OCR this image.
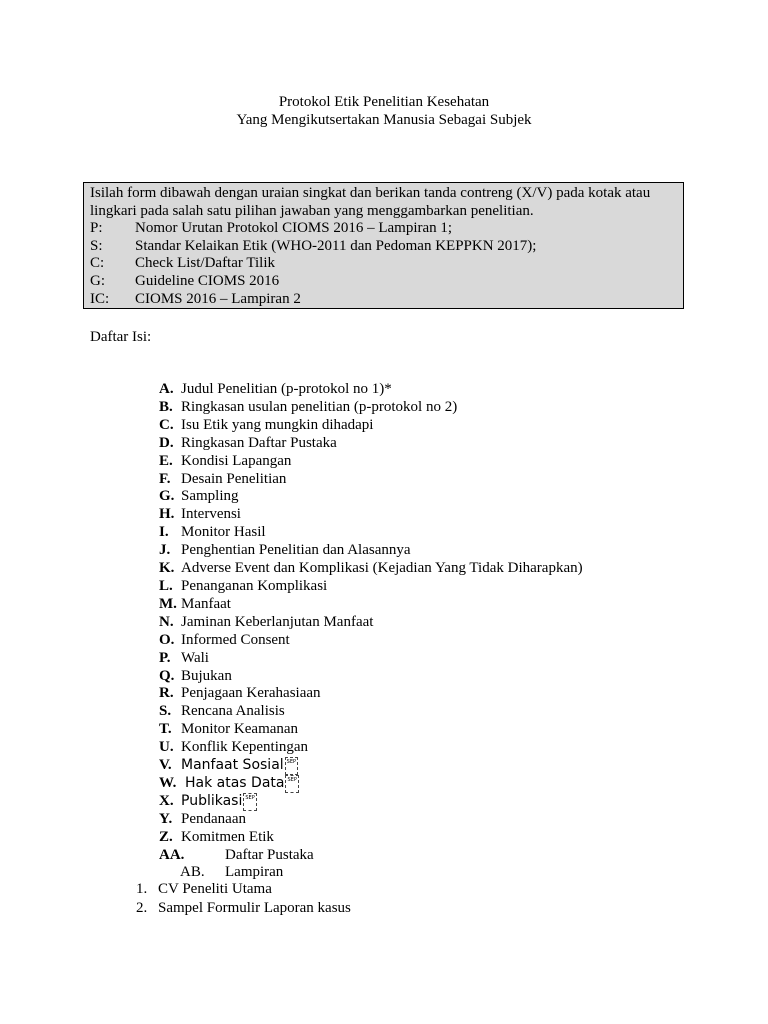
Protokol Etik Penelitian Kesehatan
Yang Mengikutsertakan Manusia Sebagai Subjek
Isilah form dibawah dengan uraian singkat dan berikan tanda contreng (X/V) pada kotak atau
lingkari pada salah satu pilihan jawaban yang menggambarkan penelitian.
P:	Nomor Urutan Protokol CIOMS 2016 – Lampiran 1;
S:	Standar Kelaikan Etik (WHO-2011 dan Pedoman KEPPKN 2017);
C:	Check List/Daftar Tilik
G:	Guideline CIOMS 2016
IC:	CIOMS 2016 – Lampiran 2
Daftar Isi:
A. Judul Penelitian (p-protokol no 1)*
B. Ringkasan usulan penelitian (p-protokol no 2)
C. Isu Etik yang mungkin dihadapi
D. Ringkasan Daftar Pustaka
E. Kondisi Lapangan
F. Desain Penelitian
G. Sampling
H. Intervensi
I. Monitor Hasil
J. Penghentian Penelitian dan Alasannya
K. Adverse Event dan Komplikasi (Kejadian Yang Tidak Diharapkan)
L. Penanganan Komplikasi
M. Manfaat
N. Jaminan Keberlanjutan Manfaat
O. Informed Consent
P. Wali
Q. Bujukan
R. Penjagaan Kerahasiaan
S. Rencana Analisis
T. Monitor Keamanan
U. Konflik Kepentingan
V. Manfaat Sosial SEP
W. Hak atas Data SEP
X. Publikasi SEP
Y. Pendanaan
Z. Komitmen Etik
AA.	Daftar Pustaka
AB.	Lampiran
1. CV Peneliti Utama
2. Sampel Formulir Laporan kasus
